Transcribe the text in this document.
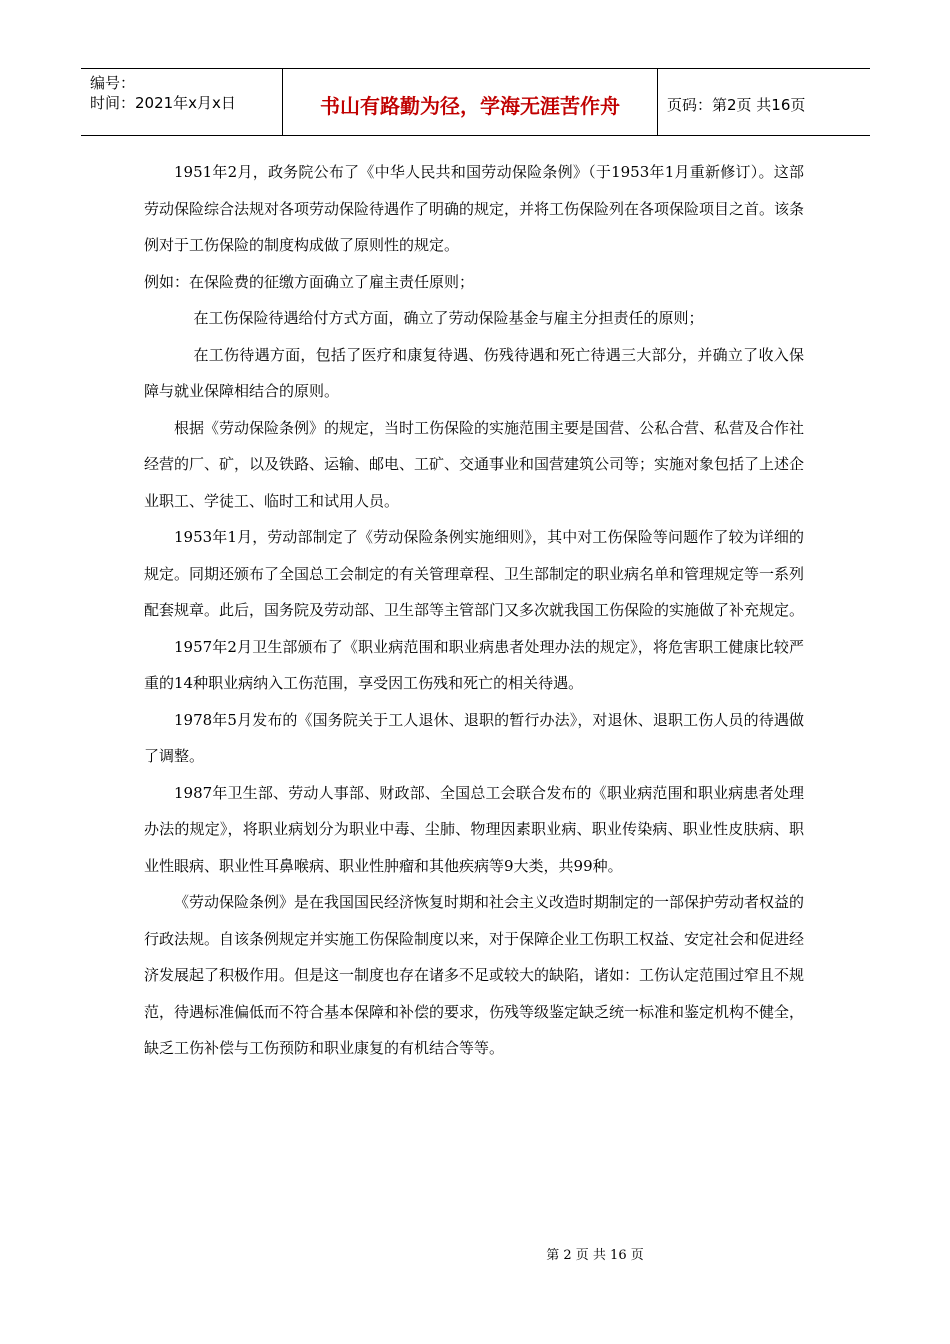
编号：
时间：2021年x月x日	书山有路勤为径，学海无涯苦作舟	页码：第2页 共16页

1951年2月，政务院公布了《中华人民共和国劳动保险条例》（于1953年1月重新修订）。这部劳动保险综合法规对各项劳动保险待遇作了明确的规定，并将工伤保险列在各项保险项目之首。该条例对于工伤保险的制度构成做了原则性的规定。

例如：在保险费的征缴方面确立了雇主责任原则；

在工伤保险待遇给付方式方面，确立了劳动保险基金与雇主分担责任的原则；

在工伤待遇方面，包括了医疗和康复待遇、伤残待遇和死亡待遇三大部分，并确立了收入保障与就业保障相结合的原则。

根据《劳动保险条例》的规定，当时工伤保险的实施范围主要是国营、公私合营、私营及合作社经营的厂、矿，以及铁路、运输、邮电、工矿、交通事业和国营建筑公司等；实施对象包括了上述企业职工、学徒工、临时工和试用人员。

1953年1月，劳动部制定了《劳动保险条例实施细则》，其中对工伤保险等问题作了较为详细的规定。同期还颁布了全国总工会制定的有关管理章程、卫生部制定的职业病名单和管理规定等一系列配套规章。此后，国务院及劳动部、卫生部等主管部门又多次就我国工伤保险的实施做了补充规定。

1957年2月卫生部颁布了《职业病范围和职业病患者处理办法的规定》，将危害职工健康比较严重的14种职业病纳入工伤范围，享受因工伤残和死亡的相关待遇。

1978年5月发布的《国务院关于工人退休、退职的暂行办法》，对退休、退职工伤人员的待遇做了调整。

1987年卫生部、劳动人事部、财政部、全国总工会联合发布的《职业病范围和职业病患者处理办法的规定》，将职业病划分为职业中毒、尘肺、物理因素职业病、职业传染病、职业性皮肤病、职业性眼病、职业性耳鼻喉病、职业性肿瘤和其他疾病等9大类，共99种。

《劳动保险条例》是在我国国民经济恢复时期和社会主义改造时期制定的一部保护劳动者权益的行政法规。自该条例规定并实施工伤保险制度以来，对于保障企业工伤职工权益、安定社会和促进经济发展起了积极作用。但是这一制度也存在诸多不足或较大的缺陷，诸如：工伤认定范围过窄且不规范，待遇标准偏低而不符合基本保障和补偿的要求，伤残等级鉴定缺乏统一标准和鉴定机构不健全，缺乏工伤补偿与工伤预防和职业康复的有机结合等等。

第 2 页 共 16 页
